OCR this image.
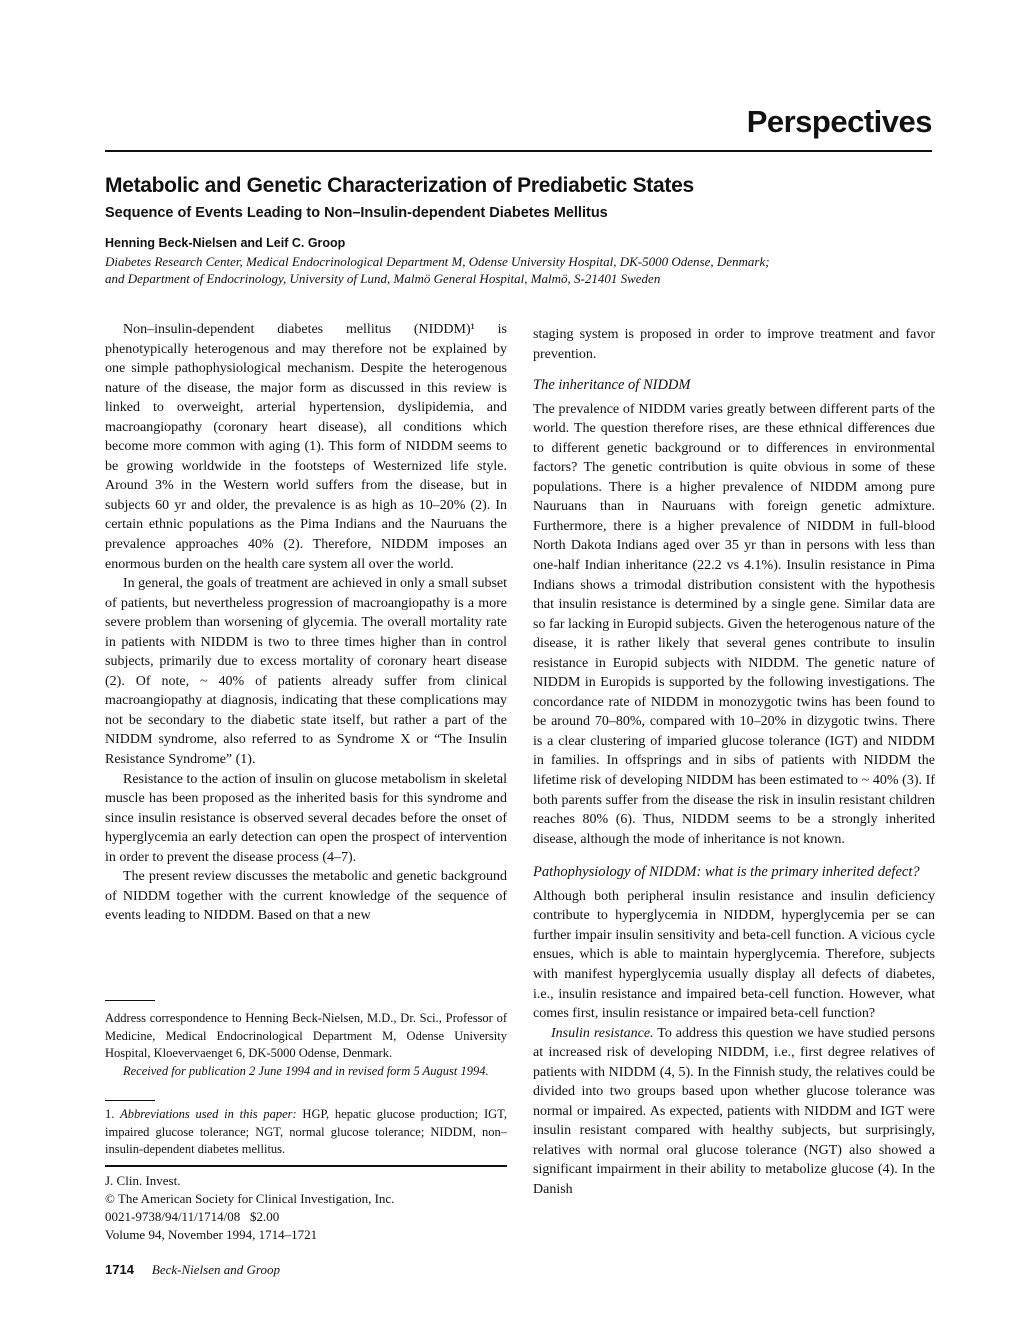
Perspectives
Metabolic and Genetic Characterization of Prediabetic States
Sequence of Events Leading to Non–Insulin-dependent Diabetes Mellitus
Henning Beck-Nielsen and Leif C. Groop
Diabetes Research Center, Medical Endocrinological Department M, Odense University Hospital, DK-5000 Odense, Denmark;
and Department of Endocrinology, University of Lund, Malmö General Hospital, Malmö, S-21401 Sweden

Non–insulin-dependent diabetes mellitus (NIDDM)¹ is phenotypically heterogenous and may therefore not be explained by one simple pathophysiological mechanism. Despite the heterogenous nature of the disease, the major form as discussed in this review is linked to overweight, arterial hypertension, dyslipidemia, and macroangiopathy (coronary heart disease), all conditions which become more common with aging (1). This form of NIDDM seems to be growing worldwide in the footsteps of Westernized life style. Around 3% in the Western world suffers from the disease, but in subjects 60 yr and older, the prevalence is as high as 10–20% (2). In certain ethnic populations as the Pima Indians and the Nauruans the prevalence approaches 40% (2). Therefore, NIDDM imposes an enormous burden on the health care system all over the world.

In general, the goals of treatment are achieved in only a small subset of patients, but nevertheless progression of macroangiopathy is a more severe problem than worsening of glycemia. The overall mortality rate in patients with NIDDM is two to three times higher than in control subjects, primarily due to excess mortality of coronary heart disease (2). Of note, ~ 40% of patients already suffer from clinical macroangiopathy at diagnosis, indicating that these complications may not be secondary to the diabetic state itself, but rather a part of the NIDDM syndrome, also referred to as Syndrome X or “The Insulin Resistance Syndrome” (1).

Resistance to the action of insulin on glucose metabolism in skeletal muscle has been proposed as the inherited basis for this syndrome and since insulin resistance is observed several decades before the onset of hyperglycemia an early detection can open the prospect of intervention in order to prevent the disease process (4–7).

The present review discusses the metabolic and genetic background of NIDDM together with the current knowledge of the sequence of events leading to NIDDM. Based on that a new

Address correspondence to Henning Beck-Nielsen, M.D., Dr. Sci., Professor of Medicine, Medical Endocrinological Department M, Odense University Hospital, Kloevervaenget 6, DK-5000 Odense, Denmark.

Received for publication 2 June 1994 and in revised form 5 August 1994.

1. Abbreviations used in this paper: HGP, hepatic glucose production; IGT, impaired glucose tolerance; NGT, normal glucose tolerance; NIDDM, non–insulin-dependent diabetes mellitus.

J. Clin. Invest.
© The American Society for Clinical Investigation, Inc.
0021-9738/94/11/1714/08   $2.00
Volume 94, November 1994, 1714–1721
1714 Beck-Nielsen and Groop

staging system is proposed in order to improve treatment and favor prevention.

The inheritance of NIDDM

The prevalence of NIDDM varies greatly between different parts of the world. The question therefore rises, are these ethnical differences due to different genetic background or to differences in environmental factors? The genetic contribution is quite obvious in some of these populations. There is a higher prevalence of NIDDM among pure Nauruans than in Nauruans with foreign genetic admixture. Furthermore, there is a higher prevalence of NIDDM in full-blood North Dakota Indians aged over 35 yr than in persons with less than one-half Indian inheritance (22.2 vs 4.1%). Insulin resistance in Pima Indians shows a trimodal distribution consistent with the hypothesis that insulin resistance is determined by a single gene. Similar data are so far lacking in Europid subjects. Given the heterogenous nature of the disease, it is rather likely that several genes contribute to insulin resistance in Europid subjects with NIDDM. The genetic nature of NIDDM in Europids is supported by the following investigations. The concordance rate of NIDDM in monozygotic twins has been found to be around 70–80%, compared with 10–20% in dizygotic twins. There is a clear clustering of imparied glucose tolerance (IGT) and NIDDM in families. In offsprings and in sibs of patients with NIDDM the lifetime risk of developing NIDDM has been estimated to ~ 40% (3). If both parents suffer from the disease the risk in insulin resistant children reaches 80% (6). Thus, NIDDM seems to be a strongly inherited disease, although the mode of inheritance is not known.

Pathophysiology of NIDDM: what is the primary inherited defect?

Although both peripheral insulin resistance and insulin deficiency contribute to hyperglycemia in NIDDM, hyperglycemia per se can further impair insulin sensitivity and beta-cell function. A vicious cycle ensues, which is able to maintain hyperglycemia. Therefore, subjects with manifest hyperglycemia usually display all defects of diabetes, i.e., insulin resistance and impaired beta-cell function. However, what comes first, insulin resistance or impaired beta-cell function?

Insulin resistance. To address this question we have studied persons at increased risk of developing NIDDM, i.e., first degree relatives of patients with NIDDM (4, 5). In the Finnish study, the relatives could be divided into two groups based upon whether glucose tolerance was normal or impaired. As expected, patients with NIDDM and IGT were insulin resistant compared with healthy subjects, but surprisingly, relatives with normal oral glucose tolerance (NGT) also showed a significant impairment in their ability to metabolize glucose (4). In the Danish
